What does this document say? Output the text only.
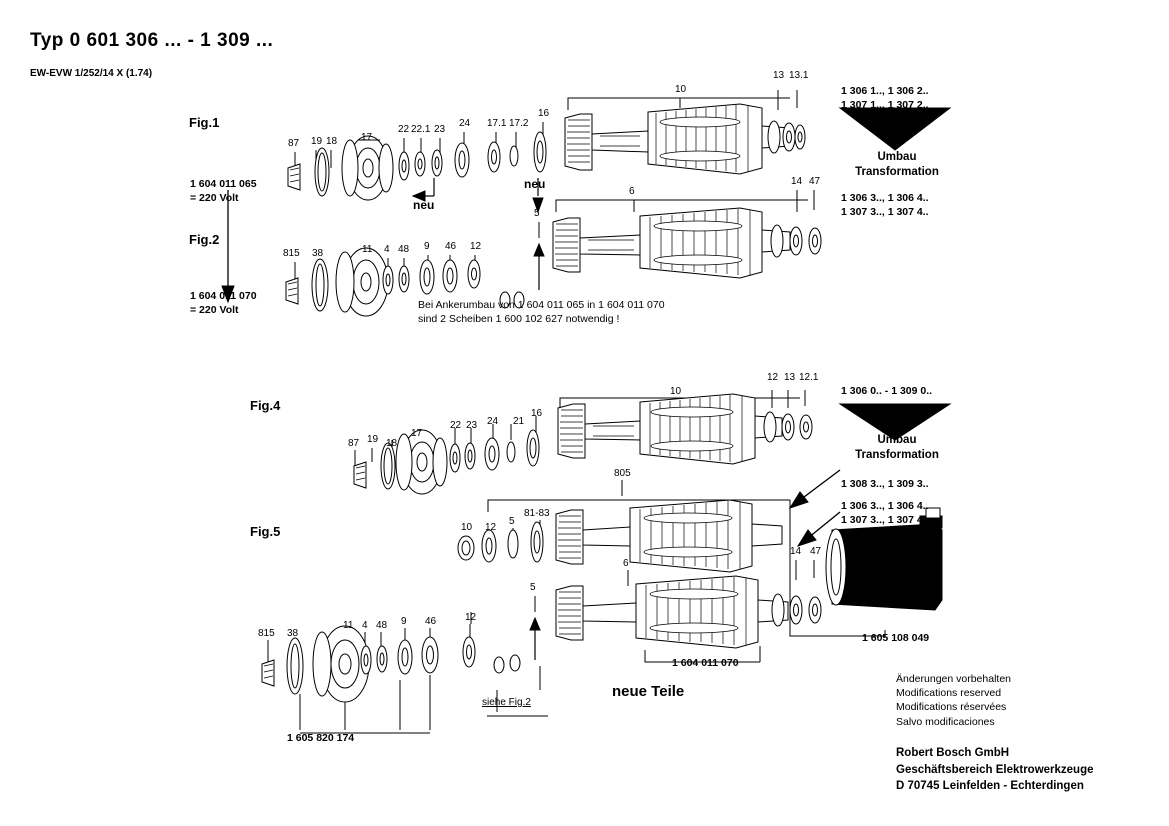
Typ 0 601 306 ... - 1 309 ...
EW-EVW 1/252/14 X (1.74)
Fig.1
Fig.2
Fig.4
Fig.5
1 604 011 065
= 220 Volt
1 604 011 070
= 220 Volt
1 605 108 049
1 604 011 070
1 605 820 174
Bei Ankerumbau von 1 604 011 065 in 1 604 011 070
sind 2 Scheiben 1 600 102 627 notwendig !
siehe Fig.2
neue Teile
neu
neu
1 306 1.., 1 306 2..
1 307 1.., 1 307 2..
Umbau
Transformation
1 306 3.., 1 306 4..
1 307 3.., 1 307 4..
1 306 0.. - 1 309 0..
Umbau
Transformation
1 308 3.., 1 309 3..
1 306 3.., 1 306 4..
1 307 3.., 1 307 4..
87 19 18 17
22 22.1 23
24 17.1 17.2
16
10
13 13.1
815 38	11 4 48 9 46 12
5
6
14 47
87 19 18
17
22 23 24 21
16
10
12 13 12.1
10 12
5
81-83
805
6
14 47
815 38
11 4 48 9 46	12
5
Änderungen vorbehalten
Modifications reserved
Modifications réservées
Salvo modificaciones
Robert Bosch GmbH
Geschäftsbereich Elektrowerkzeuge
D 70745 Leinfelden - Echterdingen
